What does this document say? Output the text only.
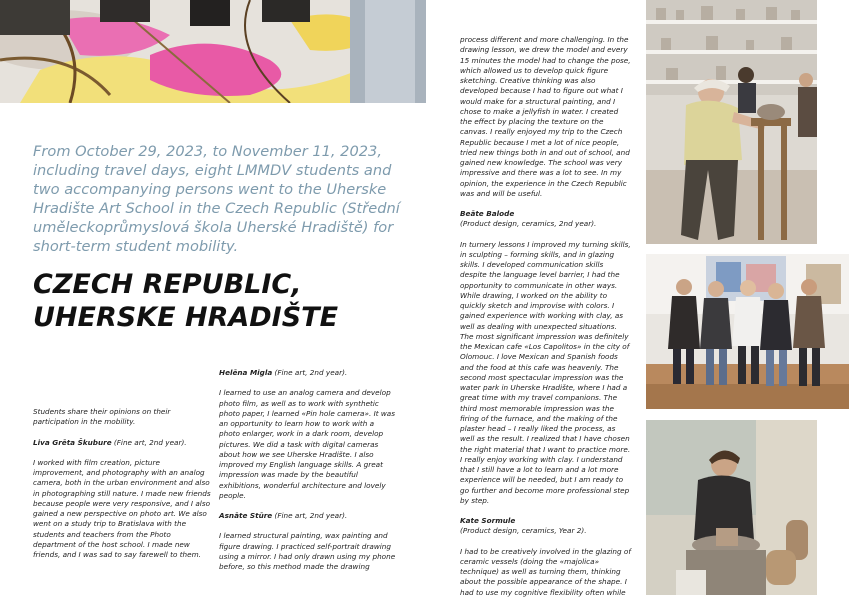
From October 29, 2023, to November 11, 2023, including travel days, eight LMMDV students and two accompanying persons went to the Uherske Hradište Art School in the Czech Republic (Střední uměleckoprůmyslová škola Uherské Hradiště) for short-term student mobility.

CZECH REPUBLIC,
UHERSKE HRADIŠTE

Students share their opinions on their participation in the mobility.

Liva Grēta Škubure (Fine art, 2nd year).

I worked with film creation, picture improvement, and photography with an analog camera, both in the urban environment and also in photographing still nature. I made new friends because people were very responsive, and I also gained a new perspective on photo art. We also went on a study trip to Bratislava with the students and teachers from the Photo department of the host school. I made new friends, and I was sad to say farewell to them.

Helēna Migla (Fine art, 2nd year).

I learned to use an analog camera and develop photo film, as well as to work with synthetic photo paper, I learned «Pin hole camera». It was an opportunity to learn how to work with a photo enlarger, work in a dark room, develop pictures. We did a task with digital cameras about how we see Uherske Hradište. I also improved my English language skills. A great impression was made by the beautiful exhibitions, wonderful architecture and lovely people.

Asnāte Stūre (Fine art, 2nd year).

I learned structural painting, wax painting and figure drawing. I practiced self-portrait drawing using a mirror. I had only drawn using my phone before, so this method made the drawing

process different and more challenging. In the drawing lesson, we drew the model and every 15 minutes the model had to change the pose, which allowed us to develop quick figure sketching. Creative thinking was also developed because I had to figure out what I would make for a structural painting, and I chose to make a jellyfish in water. I created the effect by placing the texture on the canvas. I really enjoyed my trip to the Czech Republic because I met a lot of nice people, tried new things both in and out of school, and gained new knowledge. The school was very impressive and there was a lot to see. In my opinion, the experience in the Czech Republic was and will be useful.

Beāte Balode
(Product design, ceramics, 2nd year).

In turnery lessons I improved my turning skills, in sculpting – forming skills, and in glazing skills. I developed communication skills despite the language level barrier, I had the opportunity to communicate in other ways. While drawing, I worked on the ability to quickly sketch and improvise with colors. I gained experience with working with clay, as well as dealing with unexpected situations. The most significant impression was definitely the Mexican cafe «Los Capolitos» in the city of Olomouc. I love Mexican and Spanish foods and the food at this cafe was heavenly. The second most spectacular impression was the water park in Uherske Hradište, where I had a great time with my travel companions. The third most memorable impression was the firing of the furnace, and the making of the plaster head – I really liked the process, as well as the result. I realized that I have chosen the right material that I want to practice more. I really enjoy working with clay. I understand that I still have a lot to learn and a lot more experience will be needed, but I am ready to go further and become more professional step by step.

Kate Sormule
(Product design, ceramics, Year 2).

I had to be creatively involved in the glazing of ceramic vessels (doing the «majolica» technique) as well as turning them, thinking about the possible appearance of the shape. I had to use my cognitive flexibility often while
